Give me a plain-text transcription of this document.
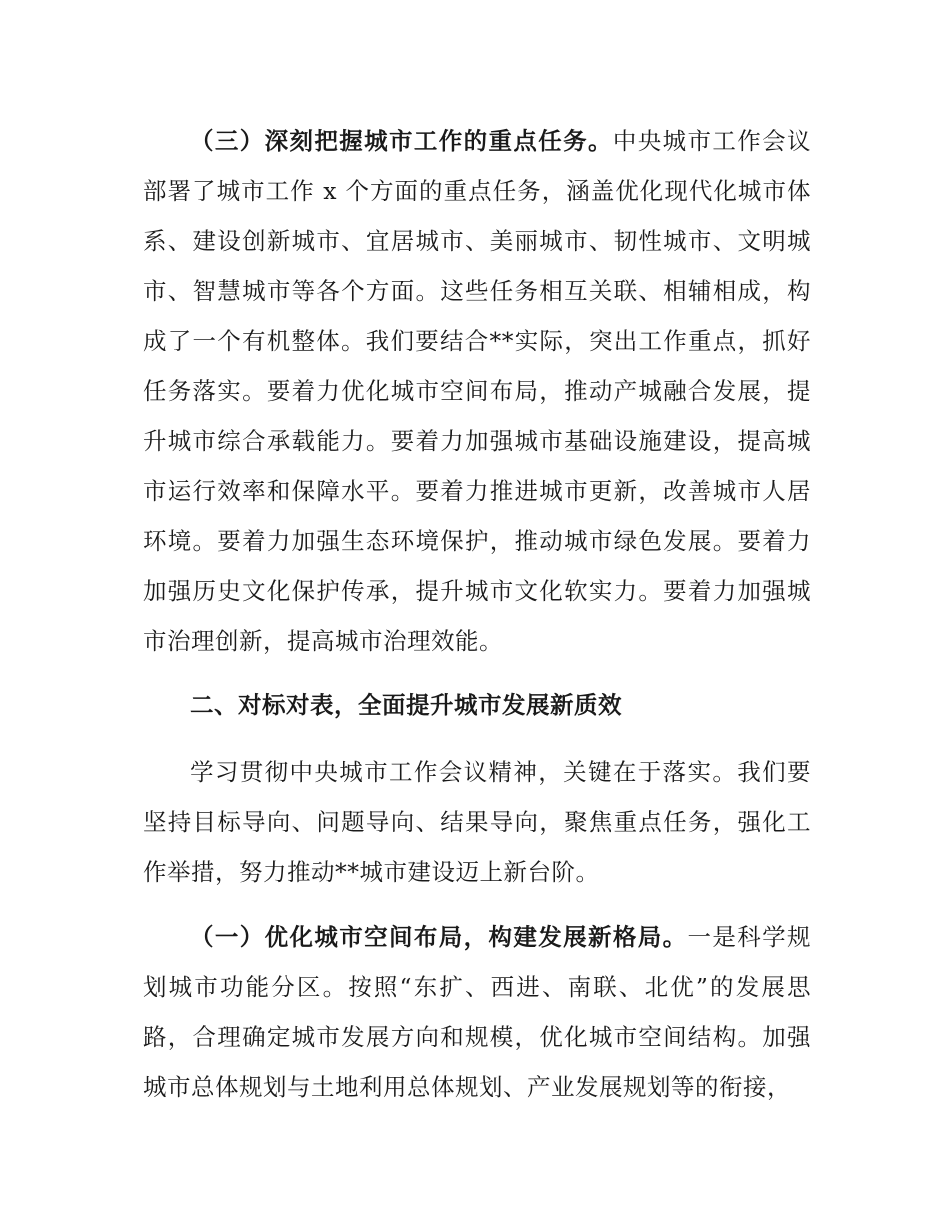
（三）深刻把握城市工作的重点任务。中央城市工作会议部署了城市工作 x 个方面的重点任务，涵盖优化现代化城市体系、建设创新城市、宜居城市、美丽城市、韧性城市、文明城市、智慧城市等各个方面。这些任务相互关联、相辅相成，构成了一个有机整体。我们要结合**实际，突出工作重点，抓好任务落实。要着力优化城市空间布局，推动产城融合发展，提升城市综合承载能力。要着力加强城市基础设施建设，提高城市运行效率和保障水平。要着力推进城市更新，改善城市人居环境。要着力加强生态环境保护，推动城市绿色发展。要着力加强历史文化保护传承，提升城市文化软实力。要着力加强城市治理创新，提高城市治理效能。

二、对标对表，全面提升城市发展新质效

学习贯彻中央城市工作会议精神，关键在于落实。我们要坚持目标导向、问题导向、结果导向，聚焦重点任务，强化工作举措，努力推动**城市建设迈上新台阶。

（一）优化城市空间布局，构建发展新格局。一是科学规划城市功能分区。按照“东扩、西进、南联、北优”的发展思路，合理确定城市发展方向和规模，优化城市空间结构。加强城市总体规划与土地利用总体规划、产业发展规划等的衔接，
